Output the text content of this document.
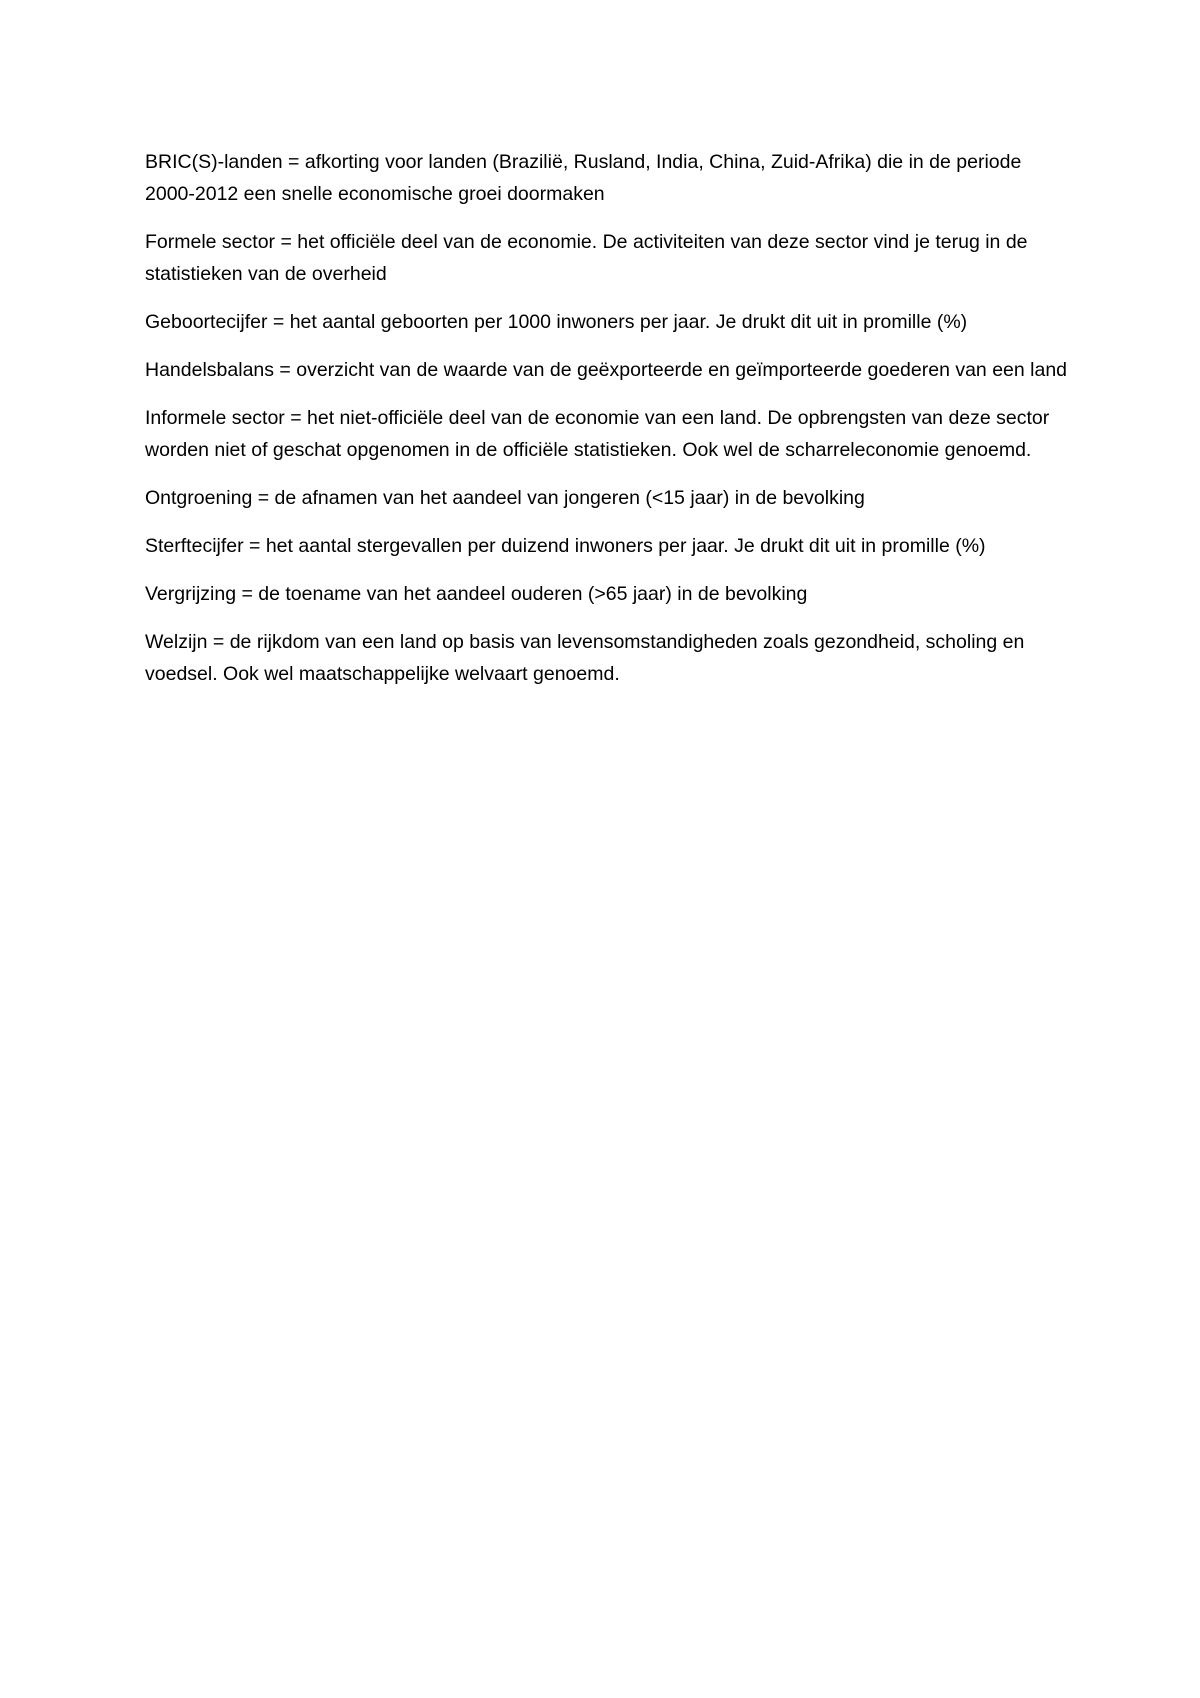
BRIC(S)-landen = afkorting voor landen (Brazilië, Rusland, India, China, Zuid-Afrika) die in de periode 2000-2012 een snelle economische groei doormaken

Formele sector = het officiële deel van de economie. De activiteiten van deze sector vind je terug in de statistieken van de overheid

Geboortecijfer = het aantal geboorten per 1000 inwoners per jaar. Je drukt dit uit in promille (%)

Handelsbalans = overzicht van de waarde van de geëxporteerde en geïmporteerde goederen van een land

Informele sector = het niet-officiële deel van de economie van een land. De opbrengsten van deze sector worden niet of geschat opgenomen in de officiële statistieken. Ook wel de scharreleconomie genoemd.

Ontgroening = de afnamen van het aandeel van jongeren (<15 jaar) in de bevolking

Sterftecijfer = het aantal stergevallen per duizend inwoners per jaar. Je drukt dit uit in promille (%)

Vergrijzing = de toename van het aandeel ouderen (>65 jaar) in de bevolking

Welzijn = de rijkdom van een land op basis van levensomstandigheden zoals gezondheid, scholing en voedsel. Ook wel maatschappelijke welvaart genoemd.
